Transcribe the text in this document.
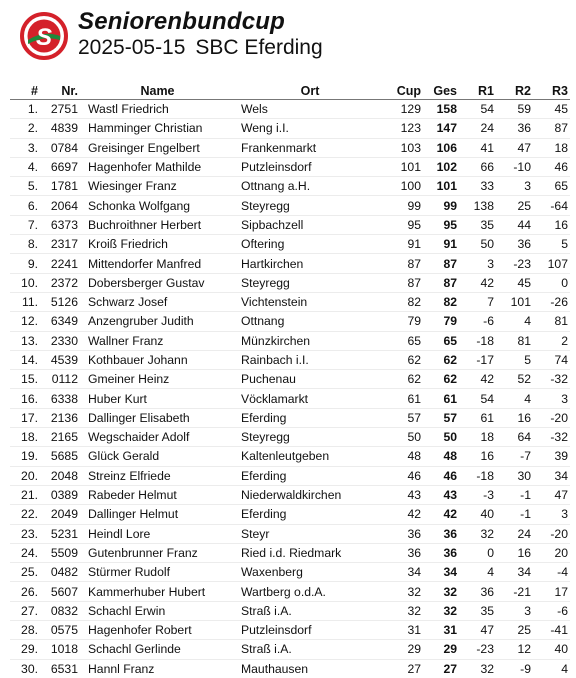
S
Seniorenbundcup
2025-05-15 SBC Eferding
#	Nr.	Name	Ort	Cup	Ges	R1	R2	R3
1.	2751	Wastl Friedrich	Wels	129	158	54	59	45
2.	4839	Hamminger Christian	Weng i.I.	123	147	24	36	87
3.	0784	Greisinger Engelbert	Frankenmarkt	103	106	41	47	18
4.	6697	Hagenhofer Mathilde	Putzleinsdorf	101	102	66	-10	46
5.	1781	Wiesinger Franz	Ottnang a.H.	100	101	33	3	65
6.	2064	Schonka Wolfgang	Steyregg	99	99	138	25	-64
7.	6373	Buchroithner Herbert	Sipbachzell	95	95	35	44	16
8.	2317	Kroiß Friedrich	Oftering	91	91	50	36	5
9.	2241	Mittendorfer Manfred	Hartkirchen	87	87	3	-23	107
10.	2372	Dobersberger Gustav	Steyregg	87	87	42	45	0
11.	5126	Schwarz Josef	Vichtenstein	82	82	7	101	-26
12.	6349	Anzengruber Judith	Ottnang	79	79	-6	4	81
13.	2330	Wallner Franz	Münzkirchen	65	65	-18	81	2
14.	4539	Kothbauer Johann	Rainbach i.I.	62	62	-17	5	74
15.	0112	Gmeiner Heinz	Puchenau	62	62	42	52	-32
16.	6338	Huber Kurt	Vöcklamarkt	61	61	54	4	3
17.	2136	Dallinger Elisabeth	Eferding	57	57	61	16	-20
18.	2165	Wegschaider Adolf	Steyregg	50	50	18	64	-32
19.	5685	Glück Gerald	Kaltenleutgeben	48	48	16	-7	39
20.	2048	Streinz Elfriede	Eferding	46	46	-18	30	34
21.	0389	Rabeder Helmut	Niederwaldkirchen	43	43	-3	-1	47
22.	2049	Dallinger Helmut	Eferding	42	42	40	-1	3
23.	5231	Heindl Lore	Steyr	36	36	32	24	-20
24.	5509	Gutenbrunner Franz	Ried i.d. Riedmark	36	36	0	16	20
25.	0482	Stürmer Rudolf	Waxenberg	34	34	4	34	-4
26.	5607	Kammerhuber Hubert	Wartberg o.d.A.	32	32	36	-21	17
27.	0832	Schachl Erwin	Straß i.A.	32	32	35	3	-6
28.	0575	Hagenhofer Robert	Putzleinsdorf	31	31	47	25	-41
29.	1018	Schachl Gerlinde	Straß i.A.	29	29	-23	12	40
30.	6531	Hannl Franz	Mauthausen	27	27	32	-9	4
